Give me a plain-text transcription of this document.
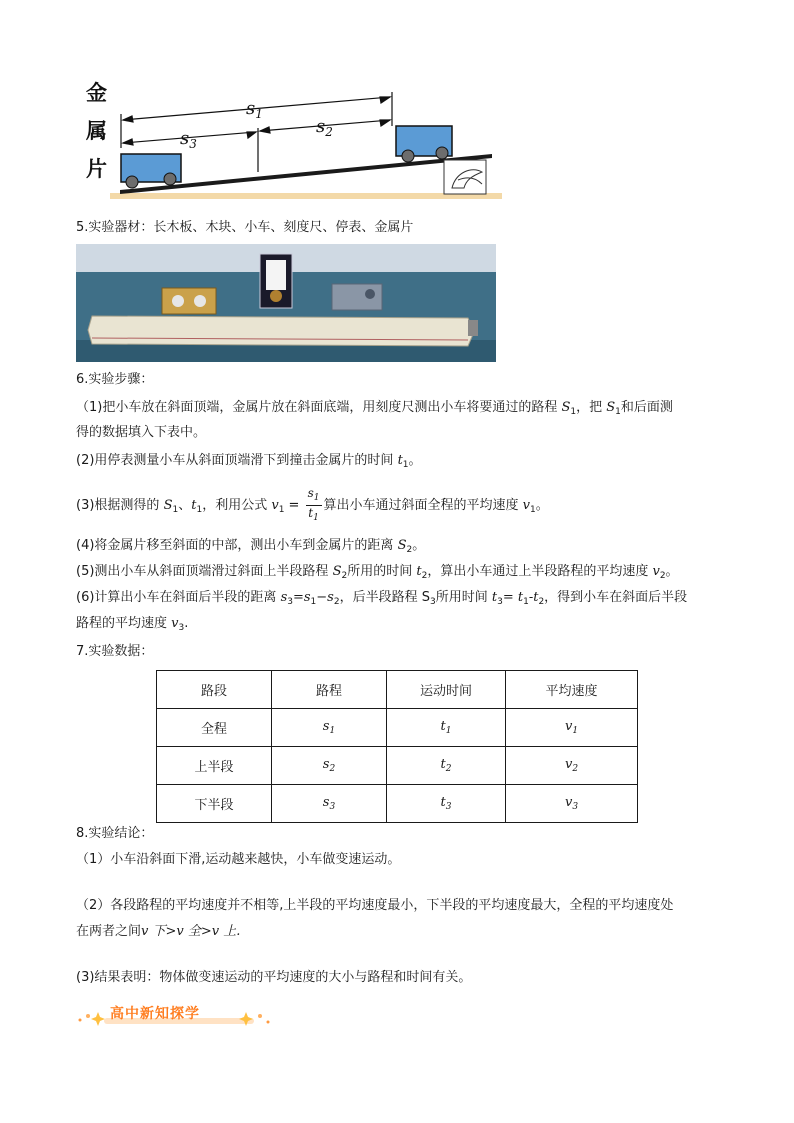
金
属
片
$s_1$
$s_3$
$s_2$
5.实验器材：长木板、木块、小车、刻度尺、停表、金属片
6.实验步骤：
（1)把小车放在斜面顶端，金属片放在斜面底端，用刻度尺测出小车将要通过的路程 $S_1$，把 $S_1$和后面测
得的数据填入下表中。
(2)用停表测量小车从斜面顶端滑下到撞击金属片的时间 $t_1$。
(3)根据测得的 $S_1$、$t_1$，利用公式 $v_1 = \frac{s_1}{t_1}$ 算出小车通过斜面全程的平均速度 $v_1$。
(4)将金属片移至斜面的中部，测出小车到金属片的距离 $S_2$。
(5)测出小车从斜面顶端滑过斜面上半段路程 $S_2$所用的时间 $t_2$，算出小车通过上半段路程的平均速度 $v_2$。
(6)计算出小车在斜面后半段的距离 $s_3=s_1-s_2$，后半段路程 $S_3$所用时间 $t_3= t_1-t_2$，得到小车在斜面后半段
路程的平均速度 $v_3$.
7.实验数据：
路段	路程	运动时间	平均速度
全程	$s_1$	$t_1$	$v_1$
上半段	$s_2$	$t_2$	$v_2$
下半段	$s_3$	$t_3$	$v_3$
8.实验结论：
（1）小车沿斜面下滑,运动越来越快，小车做变速运动。
（2）各段路程的平均速度并不相等,上半段的平均速度最小，下半段的平均速度最大，全程的平均速度处
在两者之间v 下>v 全>v 上.
(3)结果表明：物体做变速运动的平均速度的大小与路程和时间有关。
高中新知探学
